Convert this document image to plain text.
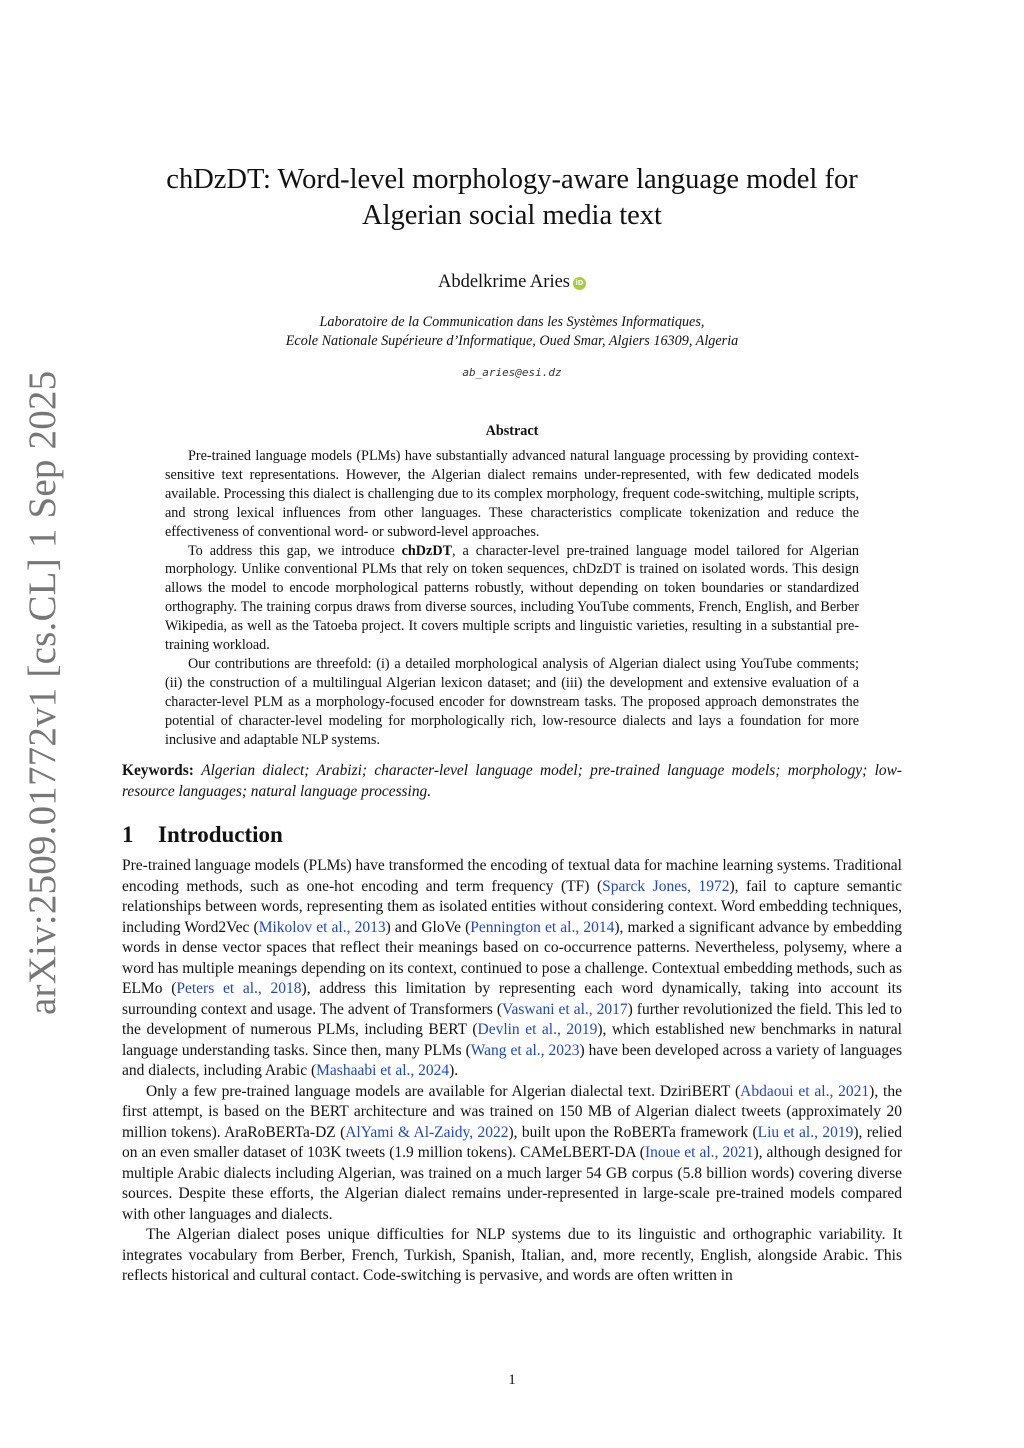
arXiv:2509.01772v1 [cs.CL] 1 Sep 2025
chDzDT: Word-level morphology-aware language model for
Algerian social media text
Abdelkrime Aries iD
Laboratoire de la Communication dans les Systèmes Informatiques,
Ecole Nationale Supérieure d’Informatique, Oued Smar, Algiers 16309, Algeria
ab_aries@esi.dz
Abstract

Pre-trained language models (PLMs) have substantially advanced natural language processing by providing context-sensitive text representations. However, the Algerian dialect remains under-represented, with few dedicated models available. Processing this dialect is challenging due to its complex morphology, frequent code-switching, multiple scripts, and strong lexical influences from other languages. These characteristics complicate tokenization and reduce the effectiveness of conventional word- or subword-level approaches.

To address this gap, we introduce chDzDT, a character-level pre-trained language model tailored for Algerian morphology. Unlike conventional PLMs that rely on token sequences, chDzDT is trained on isolated words. This design allows the model to encode morphological patterns robustly, without depending on token boundaries or standardized orthography. The training corpus draws from diverse sources, including YouTube comments, French, English, and Berber Wikipedia, as well as the Tatoeba project. It covers multiple scripts and linguistic varieties, resulting in a substantial pre-training workload.

Our contributions are threefold: (i) a detailed morphological analysis of Algerian dialect using YouTube comments; (ii) the construction of a multilingual Algerian lexicon dataset; and (iii) the development and extensive evaluation of a character-level PLM as a morphology-focused encoder for downstream tasks. The proposed approach demonstrates the potential of character-level modeling for morphologically rich, low-resource dialects and lays a foundation for more inclusive and adaptable NLP systems.

Keywords: Algerian dialect; Arabizi; character-level language model; pre-trained language models; morphology; low-resource languages; natural language processing.
1 Introduction

Pre-trained language models (PLMs) have transformed the encoding of textual data for machine learning systems. Traditional encoding methods, such as one-hot encoding and term frequency (TF) (Sparck Jones, 1972), fail to capture semantic relationships between words, representing them as isolated entities without considering context. Word embedding techniques, including Word2Vec (Mikolov et al., 2013) and GloVe (Pennington et al., 2014), marked a significant advance by embedding words in dense vector spaces that reflect their meanings based on co-occurrence patterns. Nevertheless, polysemy, where a word has multiple meanings depending on its context, continued to pose a challenge. Contextual embedding methods, such as ELMo (Peters et al., 2018), address this limitation by representing each word dynamically, taking into account its surrounding context and usage. The advent of Transformers (Vaswani et al., 2017) further revolutionized the field. This led to the development of numerous PLMs, including BERT (Devlin et al., 2019), which established new benchmarks in natural language understanding tasks. Since then, many PLMs (Wang et al., 2023) have been developed across a variety of languages and dialects, including Arabic (Mashaabi et al., 2024).

Only a few pre-trained language models are available for Algerian dialectal text. DziriBERT (Abdaoui et al., 2021), the first attempt, is based on the BERT architecture and was trained on 150 MB of Algerian dialect tweets (approximately 20 million tokens). AraRoBERTa-DZ (AlYami & Al-Zaidy, 2022), built upon the RoBERTa framework (Liu et al., 2019), relied on an even smaller dataset of 103K tweets (1.9 million tokens). CAMeLBERT-DA (Inoue et al., 2021), although designed for multiple Arabic dialects including Algerian, was trained on a much larger 54 GB corpus (5.8 billion words) covering diverse sources. Despite these efforts, the Algerian dialect remains under-represented in large-scale pre-trained models compared with other languages and dialects.

The Algerian dialect poses unique difficulties for NLP systems due to its linguistic and orthographic variability. It integrates vocabulary from Berber, French, Turkish, Spanish, Italian, and, more recently, English, alongside Arabic. This reflects historical and cultural contact. Code-switching is pervasive, and words are often written in

1
